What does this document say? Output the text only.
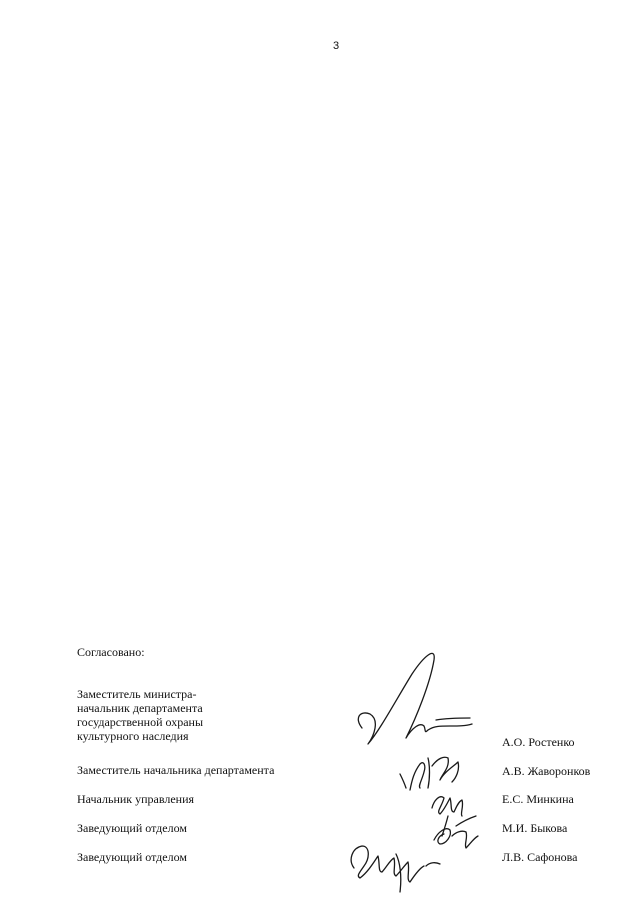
3
Согласовано:
Заместитель министра-
начальник департамента
государственной охраны
культурного наследия	А.О. Ростенко
Заместитель начальника департамента	А.В. Жаворонков
Начальник управления	Е.С. Минкина
Заведующий отделом	М.И. Быкова
Заведующий отделом	Л.В. Сафонова
